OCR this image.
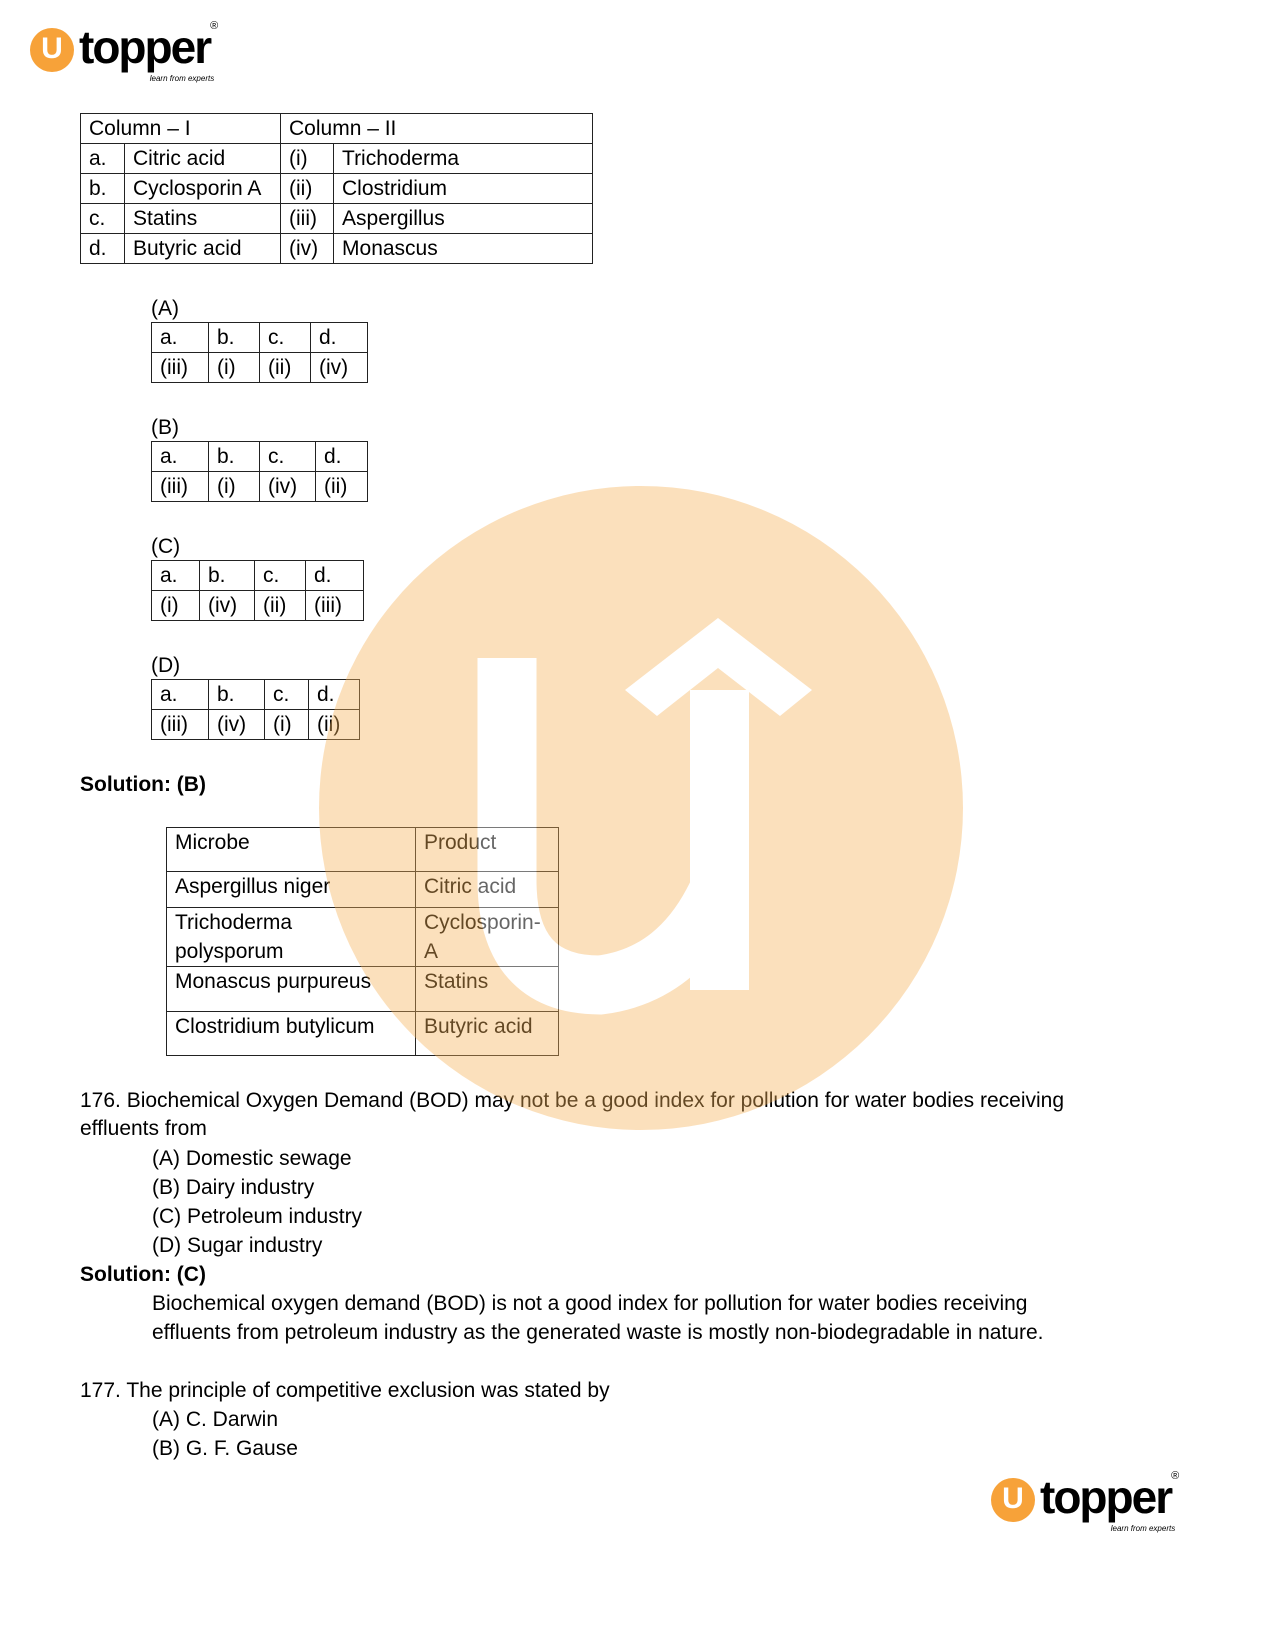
U topper ®
learn from experts
Column – I		Column – II	
a.	Citric acid	(i)	Trichoderma
b.	Cyclosporin A	(ii)	Clostridium
c.	Statins	(iii)	Aspergillus
d.	Butyric acid	(iv)	Monascus
(A)
a.	b.	c.	d.
(iii)	(i)	(ii)	(iv)
(B)
a.	b.	c.	d.
(iii)	(i)	(iv)	(ii)
(C)
a.	b.	c.	d.
(i)	(iv)	(ii)	(iii)
(D)
a.	b.	c.	d.
(iii)	(iv)	(i)	(ii)
Solution: (B)
Microbe	Product
Aspergillus niger	Citric acid
Trichoderma
polysporum	Cyclosporin-
A
Monascus purpureus	Statins
Clostridium butylicum	Butyric acid
176. Biochemical Oxygen Demand (BOD) may not be a good index for pollution for water bodies receiving
effluents from
(A) Domestic sewage
(B) Dairy industry
(C) Petroleum industry
(D) Sugar industry
Solution: (C)
Biochemical oxygen demand (BOD) is not a good index for pollution for water bodies receiving
effluents from petroleum industry as the generated waste is mostly non-biodegradable in nature.
177. The principle of competitive exclusion was stated by
(A) C. Darwin
(B) G. F. Gause
U topper ®
learn from experts
